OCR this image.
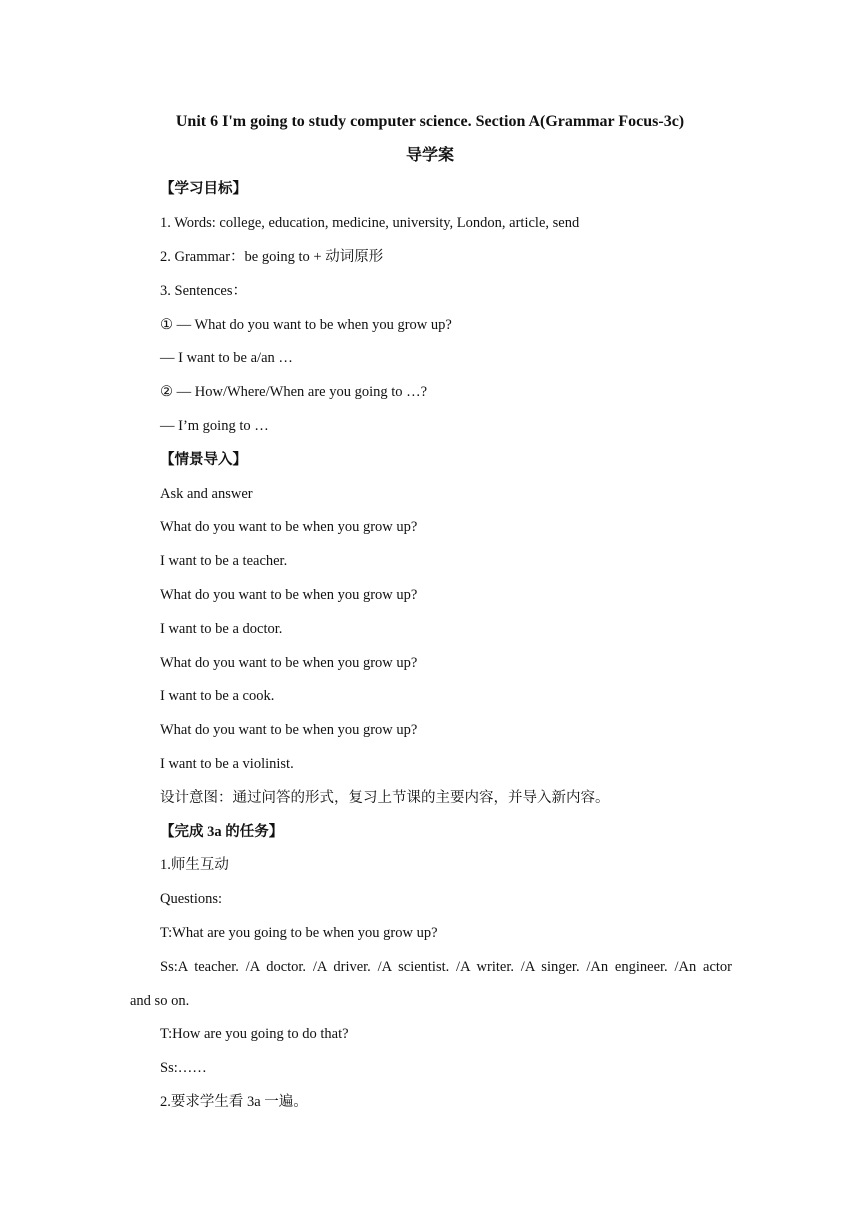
Unit 6 I'm going to study computer science. Section A(Grammar Focus-3c)
导学案
【学习目标】
1. Words: college, education, medicine, university, London, article, send
2. Grammar：be going to + 动词原形
3. Sentences：
① — What do you want to be when you grow up?
— I want to be a/an …
② — How/Where/When are you going to …?
— I’m going to …
【情景导入】
Ask and answer
What do you want to be when you grow up?
I want to be a teacher.
What do you want to be when you grow up?
I want to be a doctor.
What do you want to be when you grow up?
I want to be a cook.
What do you want to be when you grow up?
I want to be a violinist.
设计意图：通过问答的形式，复习上节课的主要内容，并导入新内容。
【完成 3a 的任务】
1.师生互动
Questions:
T:What are you going to be when you grow up?
Ss:A teacher. /A doctor. /A driver. /A scientist. /A writer. /A singer. /An engineer. /An actor
and so on.
T:How are you going to do that?
Ss:……
2.要求学生看 3a 一遍。
